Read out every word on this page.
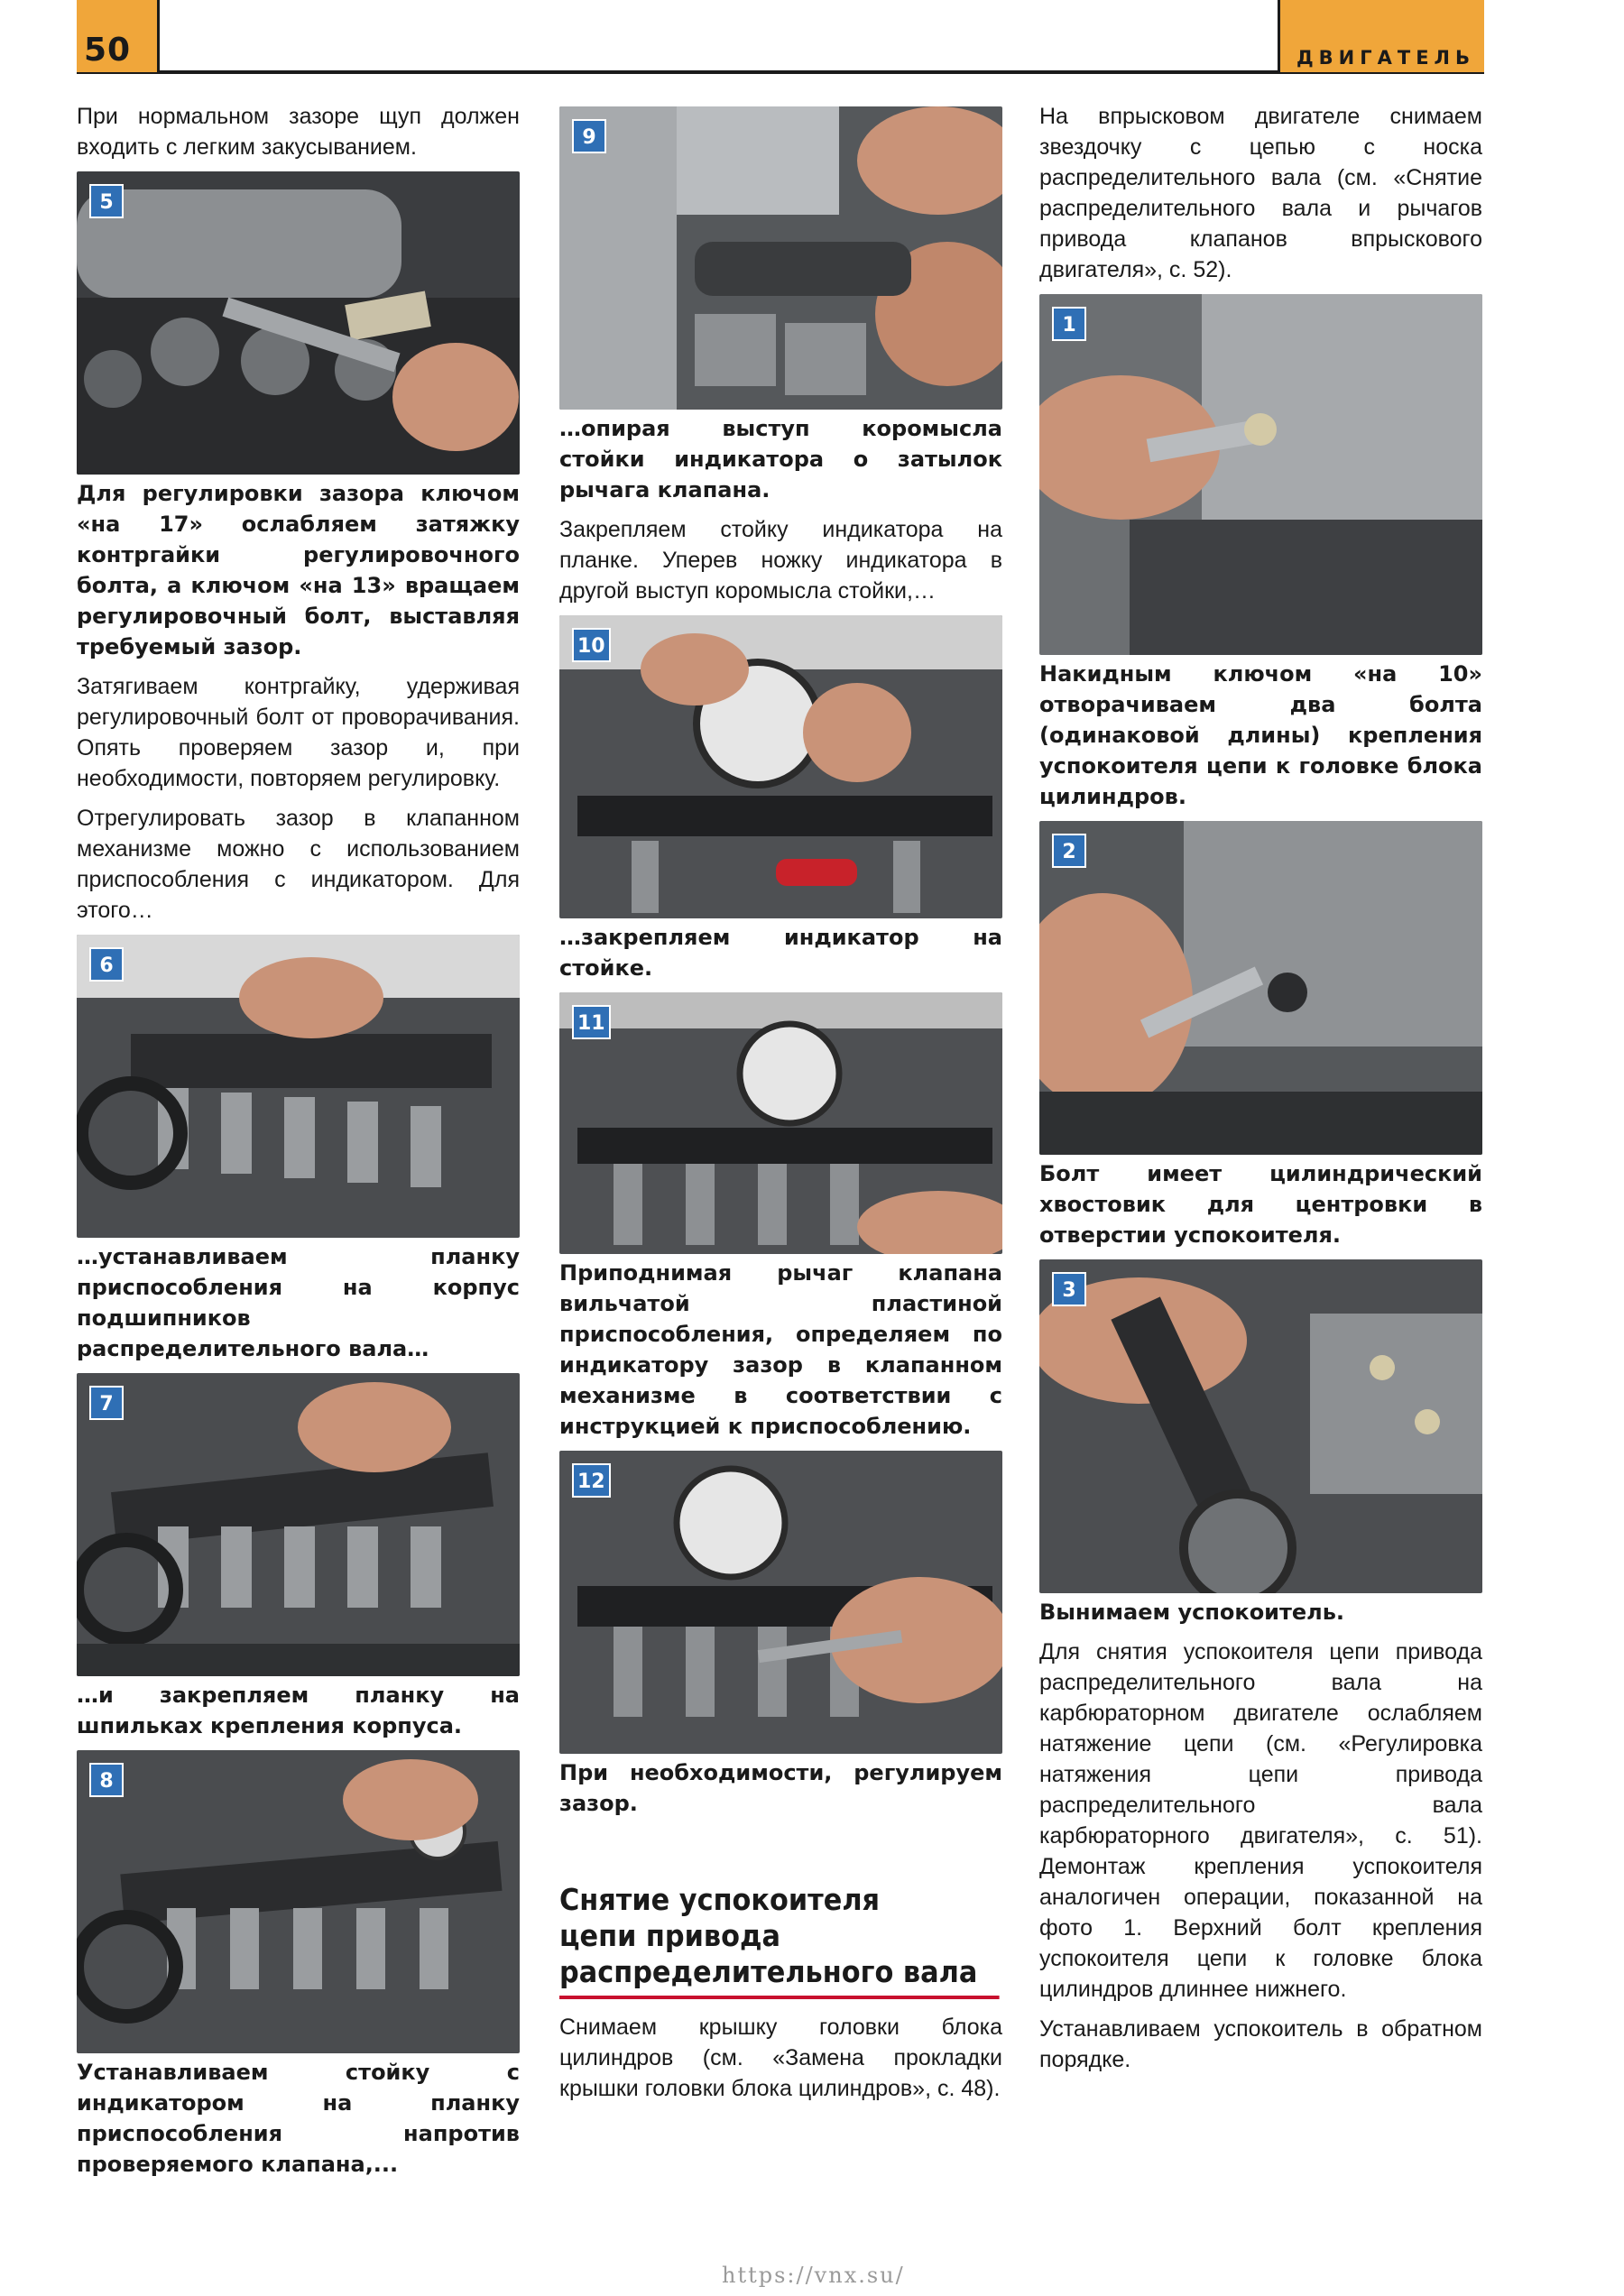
50	ДВИГАТЕЛЬ

При нормальном зазоре щуп должен входить с легким закусыванием.

5

Для регулировки зазора ключом «на 17» ослабляем затяжку контргайки регулировочного болта, а ключом «на 13» вращаем регулировочный болт, выставляя требуемый зазор.

Затягиваем контргайку, удерживая регулировочный болт от проворачивания. Опять проверяем зазор и, при необходимости, повторяем регулировку.

Отрегулировать зазор в клапанном механизме можно с использованием приспособления с индикатором. Для этого…

6

…устанавливаем планку приспособления на корпус подшипников распределительного вала…

7

…и закрепляем планку на шпильках крепления корпуса.

8

Устанавливаем стойку с индикатором на планку приспособления напротив проверяемого клапана,...

9

…опирая выступ коромысла стойки индикатора о затылок рычага клапана.

Закрепляем стойку индикатора на планке. Уперев ножку индикатора в другой выступ коромысла стойки,…

10

…закрепляем индикатор на стойке.

11

Приподнимая рычаг клапана вильчатой пластиной приспособления, определяем по индикатору зазор в клапанном механизме в соответствии с инструкцией к приспособлению.

12

При необходимости, регулируем зазор.

Снятие успокоителя
цепи привода
распределительного вала

Снимаем крышку головки блока цилиндров (см. «Замена прокладки крышки головки блока цилиндров», с. 48).

На впрысковом двигателе снимаем звездочку с цепью с носка распределительного вала (см. «Снятие распределительного вала и рычагов привода клапанов впрыскового двигателя», с. 52).

1

Накидным ключом «на 10» отворачиваем два болта (одинаковой длины) крепления успокоителя цепи к головке блока цилиндров.

2

Болт имеет цилиндрический хвостовик для центровки в отверстии успокоителя.

3

Вынимаем успокоитель.

Для снятия успокоителя цепи привода распределительного вала на карбюраторном двигателе ослабляем натяжение цепи (см. «Регулировка натяжения цепи привода распределительного вала карбюраторного двигателя», с. 51). Демонтаж крепления успокоителя аналогичен операции, показанной на фото 1. Верхний болт крепления успокоителя цепи к головке блока цилиндров длиннее нижнего.

Устанавливаем успокоитель в обратном порядке.

https://vnx.su/
